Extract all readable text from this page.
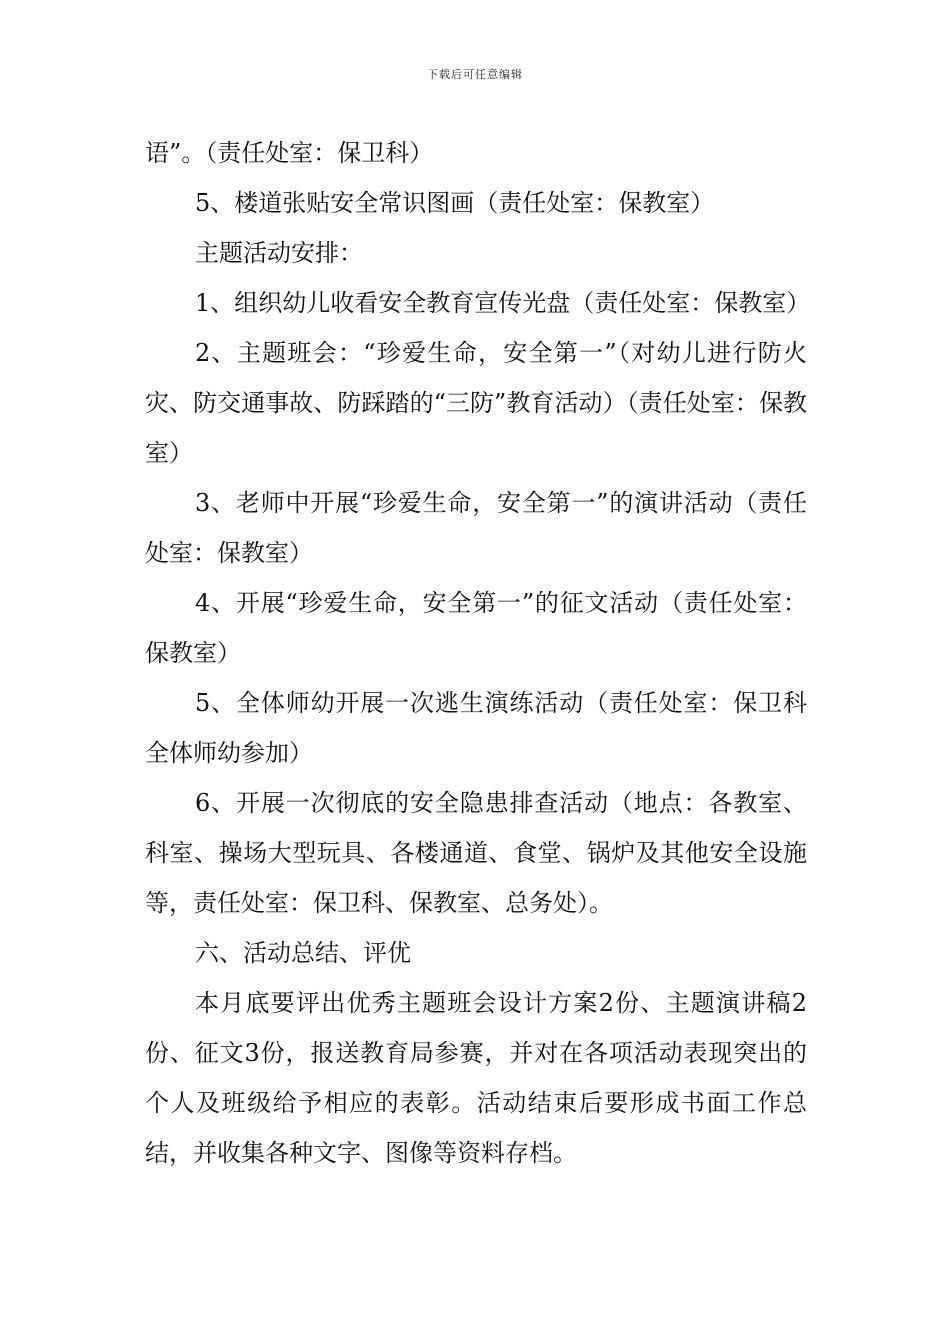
下载后可任意编辑

语”。（责任处室：保卫科）

5、楼道张贴安全常识图画（责任处室：保教室）

主题活动安排：

1、组织幼儿收看安全教育宣传光盘（责任处室：保教室）

2、主题班会：“珍爱生命，安全第一”（对幼儿进行防火灾、防交通事故、防踩踏的“三防”教育活动）（责任处室：保教室）

3、老师中开展“珍爱生命，安全第一”的演讲活动（责任处室：保教室）

4、开展“珍爱生命，安全第一”的征文活动（责任处室：保教室）

5、全体师幼开展一次逃生演练活动（责任处室：保卫科全体师幼参加）

6、开展一次彻底的安全隐患排查活动（地点：各教室、科室、操场大型玩具、各楼通道、食堂、锅炉及其他安全设施等，责任处室：保卫科、保教室、总务处）。

六、活动总结、评优

本月底要评出优秀主题班会设计方案2份、主题演讲稿2份、征文3份，报送教育局参赛，并对在各项活动表现突出的个人及班级给予相应的表彰。活动结束后要形成书面工作总结，并收集各种文字、图像等资料存档。
